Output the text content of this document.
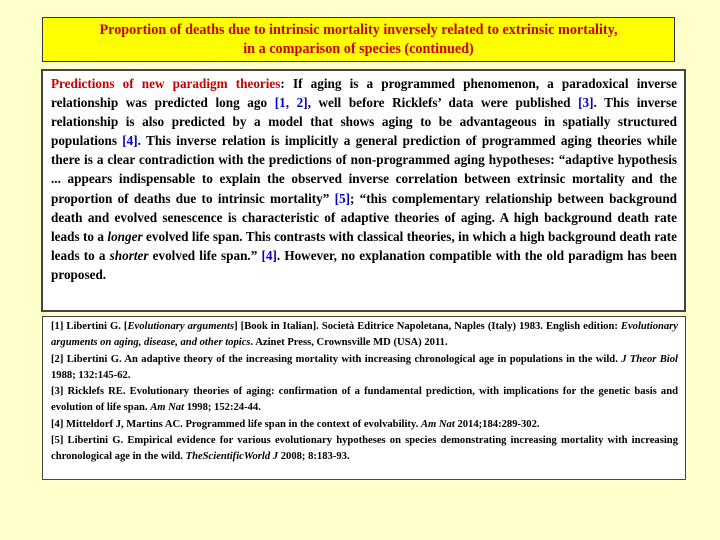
Proportion of deaths due to intrinsic mortality inversely related to extrinsic mortality,
in a comparison of species (continued)
Predictions of new paradigm theories: If aging is a programmed phenomenon, a paradoxical inverse relationship was predicted long ago [1, 2], well before Ricklefs’ data were published [3]. This inverse relationship is also predicted by a model that shows aging to be advantageous in spatially structured populations [4]. This inverse relation is implicitly a general prediction of programmed aging theories while there is a clear contradiction with the predictions of non-programmed aging hypotheses: “adaptive hypothesis ... appears indispensable to explain the observed inverse correlation between extrinsic mortality and the proportion of deaths due to intrinsic mortality” [5]; “this complementary relationship between background death and evolved senescence is characteristic of adaptive theories of aging. A high background death rate leads to a longer evolved life span. This contrasts with classical theories, in which a high background death rate leads to a shorter evolved life span.” [4]. However, no explanation compatible with the old paradigm has been proposed.
[1] Libertini G. [Evolutionary arguments] [Book in Italian]. Società Editrice Napoletana, Naples (Italy) 1983. English edition: Evolutionary arguments on aging, disease, and other topics. Azinet Press, Crownsville MD (USA) 2011.
[2] Libertini G. An adaptive theory of the increasing mortality with increasing chronological age in populations in the wild. J Theor Biol 1988; 132:145-62.
[3] Ricklefs RE. Evolutionary theories of aging: confirmation of a fundamental prediction, with implications for the genetic basis and evolution of life span. Am Nat 1998; 152:24-44.
[4] Mitteldorf J, Martins AC. Programmed life span in the context of evolvability. Am Nat 2014;184:289-302.
[5] Libertini G. Empirical evidence for various evolutionary hypotheses on species demonstrating increasing mortality with increasing chronological age in the wild. TheScientificWorld J 2008; 8:183-93.
